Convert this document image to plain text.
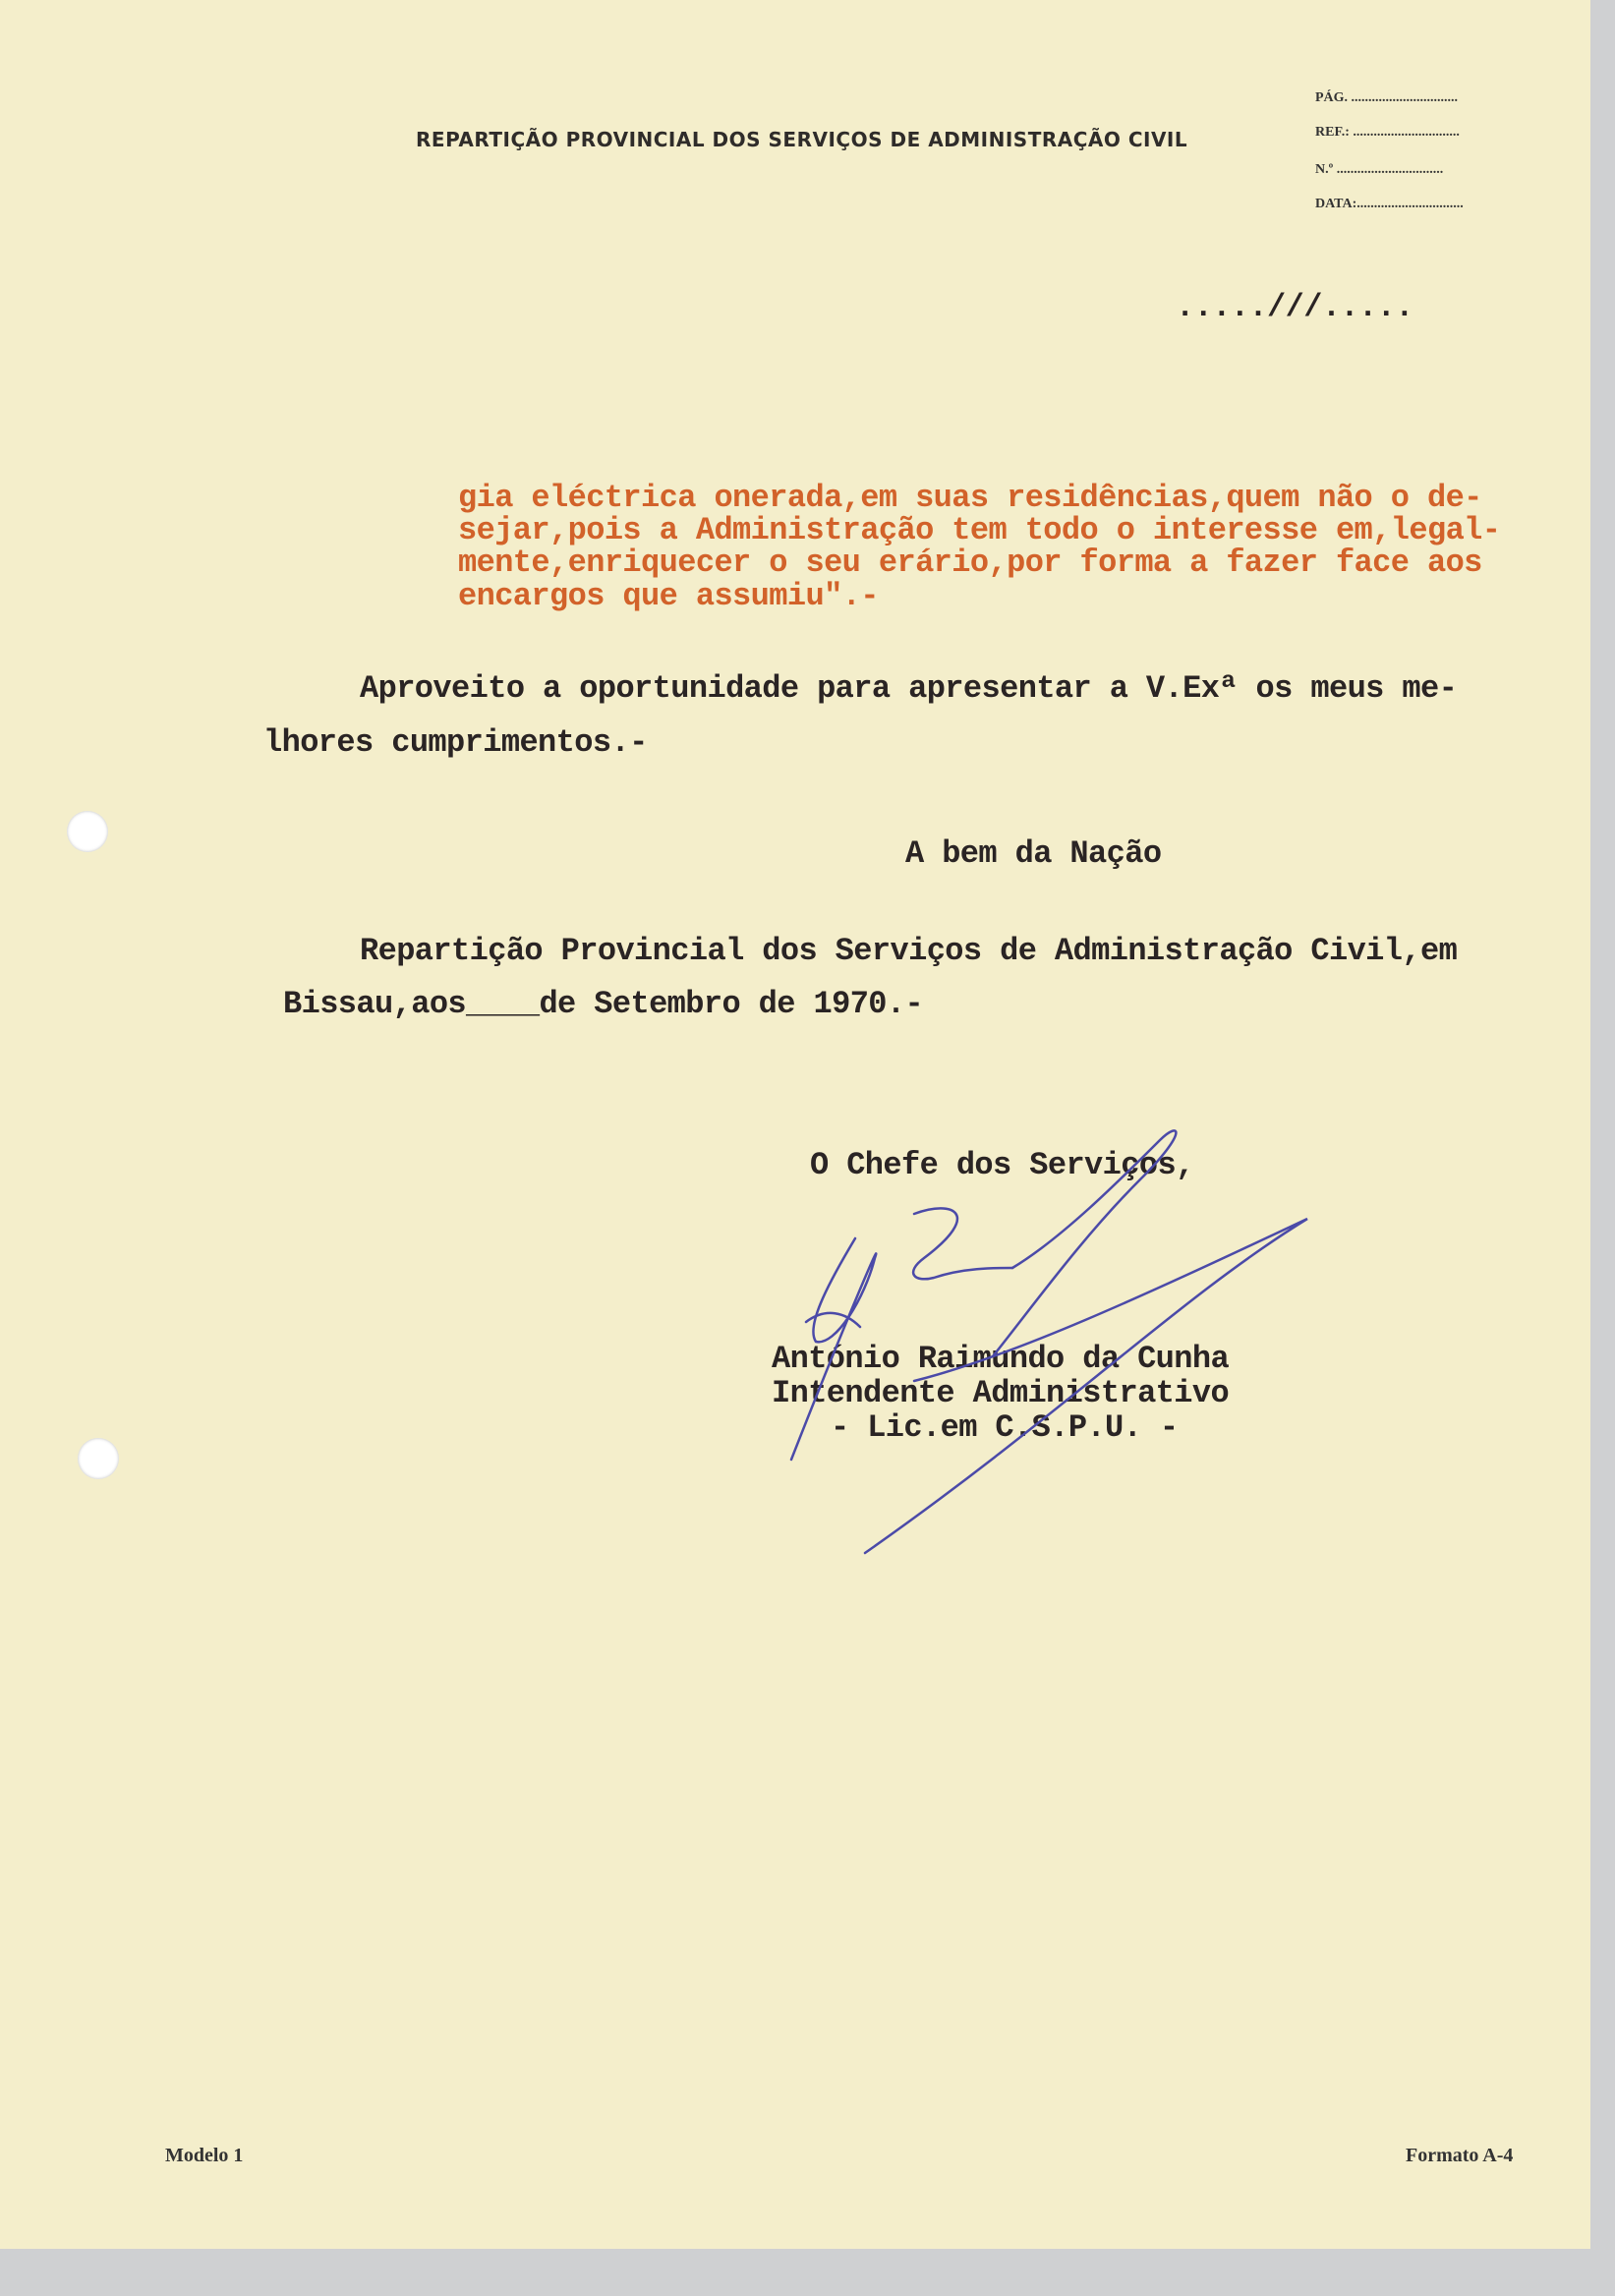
REPARTIÇÃO PROVINCIAL DOS SERVIÇOS DE ADMINISTRAÇÃO CIVIL
PÁG. ...............................
REF.: ...............................
N.º ...............................
DATA:...............................
.....///.....
gia eléctrica onerada,em suas residências,quem não o de-
sejar,pois a Administração tem todo o interesse em,legal-
mente,enriquecer o seu erário,por forma a fazer face aos
encargos que assumiu".-
Aproveito a oportunidade para apresentar a V.Exª os meus me-
lhores cumprimentos.-
A bem da Nação
Repartição Provincial dos Serviços de Administração Civil,em
Bissau,aos____de Setembro de 1970.-
O Chefe dos Serviços,
António Raimundo da Cunha
Intendente Administrativo
- Lic.em C.S.P.U. -
Modelo 1	Formato A-4
